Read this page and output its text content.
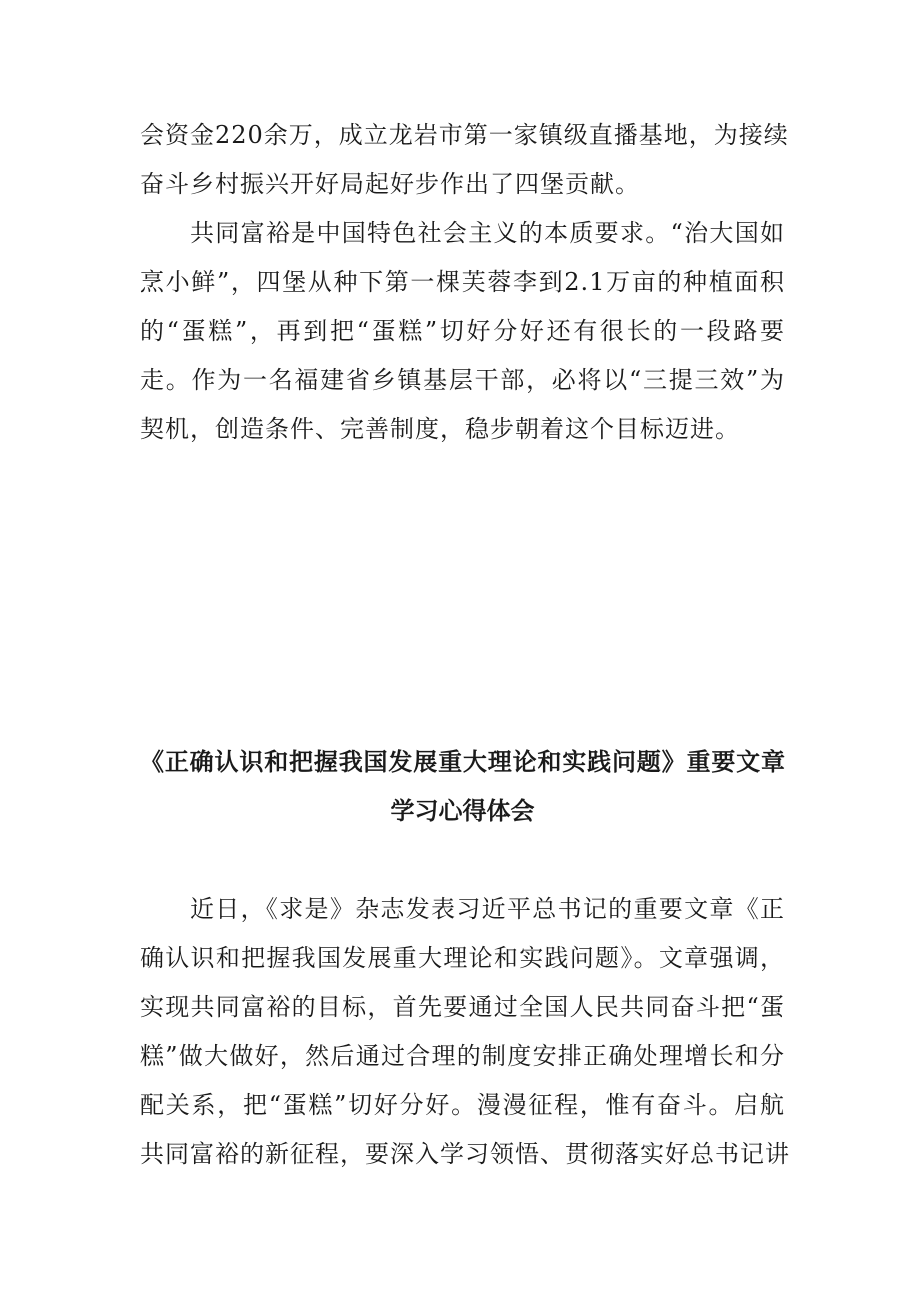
会资金220余万，成立龙岩市第一家镇级直播基地，为接续
奋斗乡村振兴开好局起好步作出了四堡贡献。
共同富裕是中国特色社会主义的本质要求。“治大国如
烹小鲜”，四堡从种下第一棵芙蓉李到2.1万亩的种植面积
的“蛋糕”，再到把“蛋糕”切好分好还有很长的一段路要
走。作为一名福建省乡镇基层干部，必将以“三提三效”为
契机，创造条件、完善制度，稳步朝着这个目标迈进。
《正确认识和把握我国发展重大理论和实践问题》重要文章
学习心得体会
近日，《求是》杂志发表习近平总书记的重要文章《正
确认识和把握我国发展重大理论和实践问题》。文章强调，
实现共同富裕的目标，首先要通过全国人民共同奋斗把“蛋
糕”做大做好，然后通过合理的制度安排正确处理增长和分
配关系，把“蛋糕”切好分好。漫漫征程，惟有奋斗。启航
共同富裕的新征程，要深入学习领悟、贯彻落实好总书记讲
